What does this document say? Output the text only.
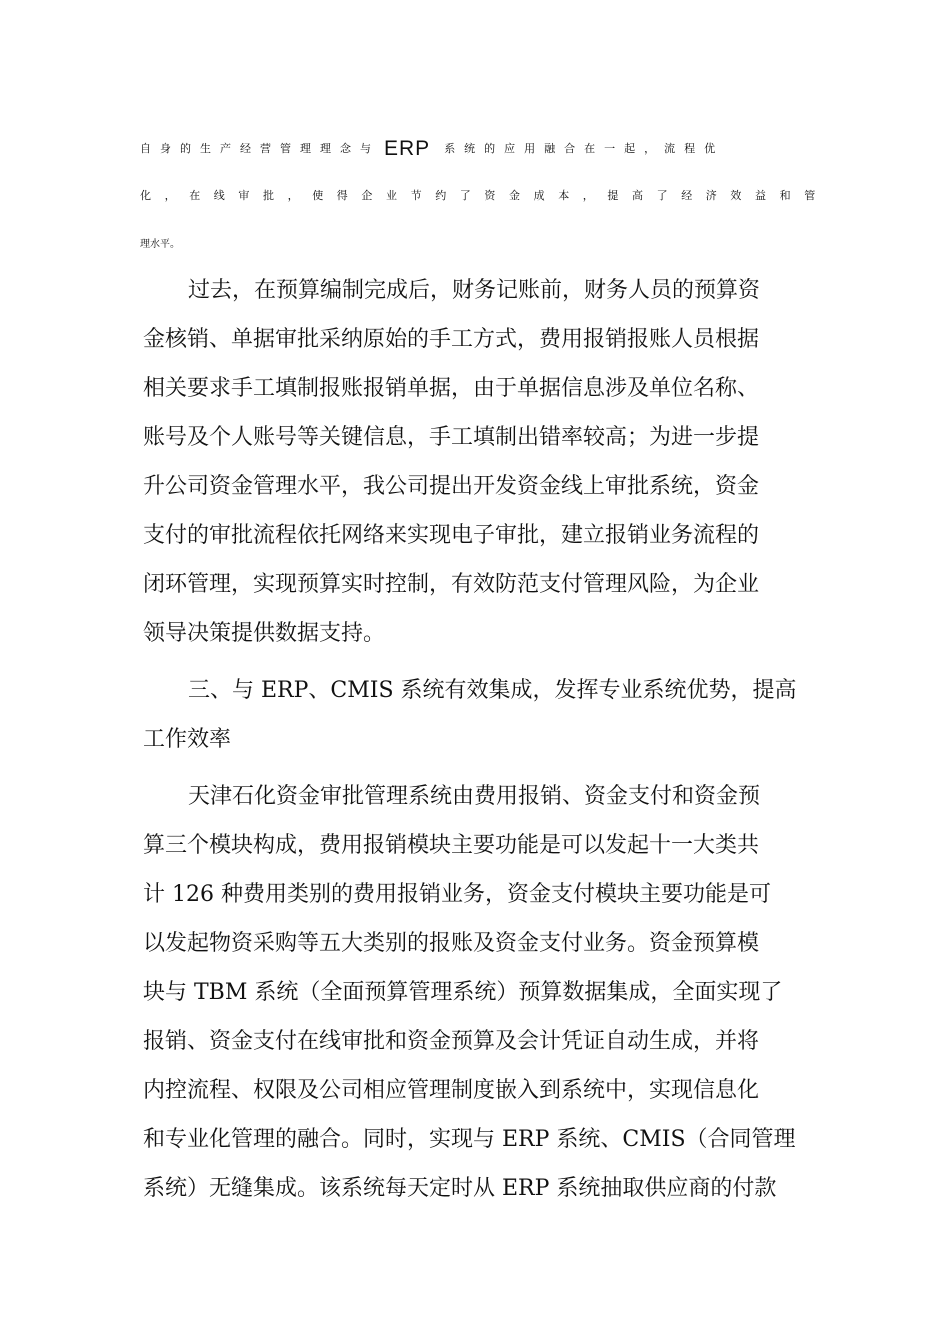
自身的生产经营管理理念与 ERP 系统的应用融合在一起，流程优
化，在线审批，使得企业节约了资金成本，提高了经济效益和管
理水平。
过去，在预算编制完成后，财务记账前，财务人员的预算资
金核销、单据审批采纳原始的手工方式，费用报销报账人员根据
相关要求手工填制报账报销单据，由于单据信息涉及单位名称、
账号及个人账号等关键信息，手工填制出错率较高；为进一步提
升公司资金管理水平，我公司提出开发资金线上审批系统，资金
支付的审批流程依托网络来实现电子审批，建立报销业务流程的
闭环管理，实现预算实时控制，有效防范支付管理风险，为企业
领导决策提供数据支持。
三、与 ERP、CMIS 系统有效集成，发挥专业系统优势，提高
工作效率
天津石化资金审批管理系统由费用报销、资金支付和资金预
算三个模块构成，费用报销模块主要功能是可以发起十一大类共
计 126 种费用类别的费用报销业务，资金支付模块主要功能是可
以发起物资采购等五大类别的报账及资金支付业务。资金预算模
块与 TBM 系统（全面预算管理系统）预算数据集成，全面实现了
报销、资金支付在线审批和资金预算及会计凭证自动生成，并将
内控流程、权限及公司相应管理制度嵌入到系统中，实现信息化
和专业化管理的融合。同时，实现与 ERP 系统、CMIS（合同管理
系统）无缝集成。该系统每天定时从 ERP 系统抽取供应商的付款
